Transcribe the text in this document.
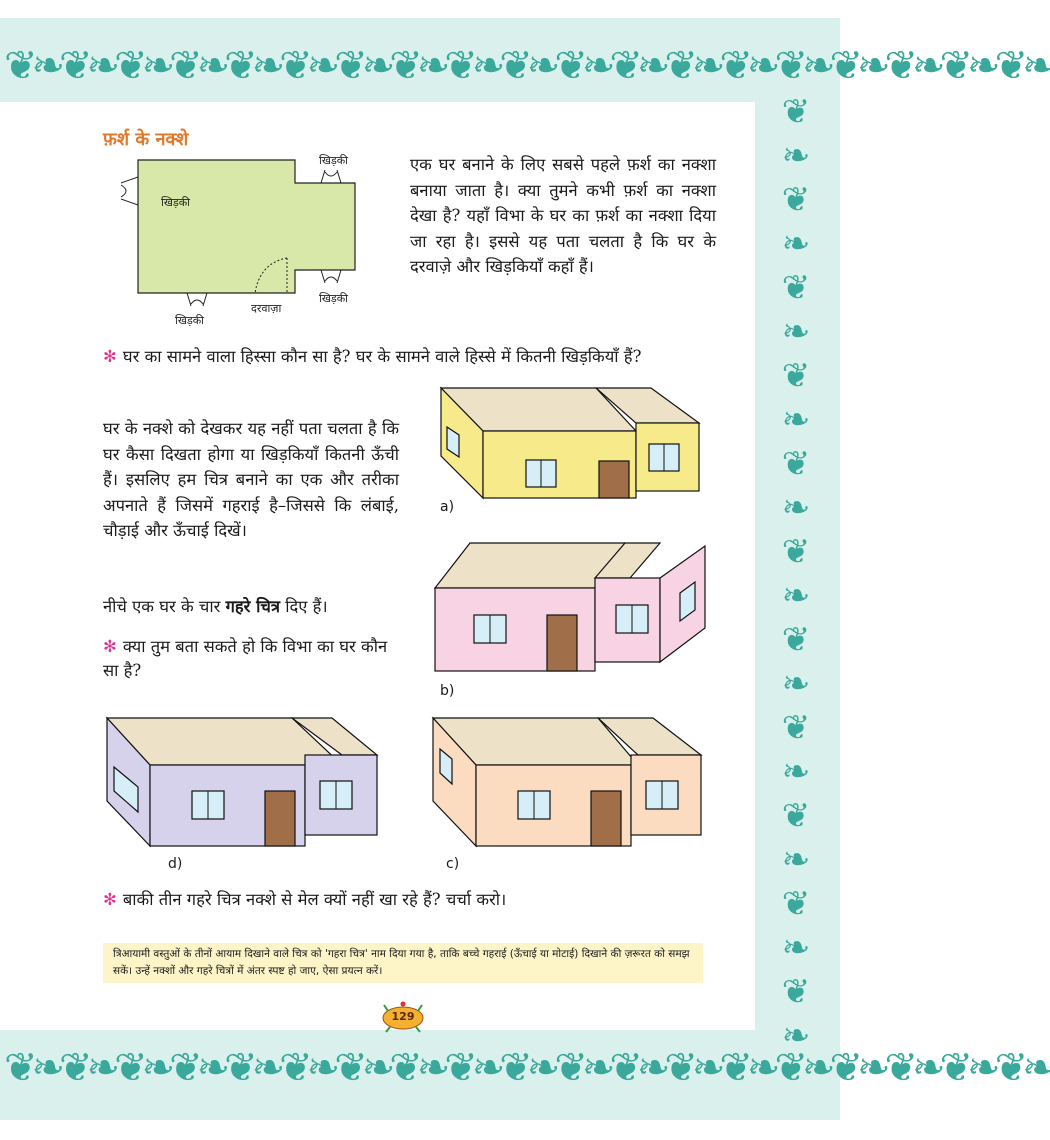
❦❧❦❧❦❧❦❧❦❧❦❧❦❧❦❧❦❧❦❧❦❧❦❧❦❧❦❧❦❧❦❧❦❧❦❧❦❧
❦❧❦❧❦❧❦❧❦❧❦❧❦❧❦❧❦❧❦❧❦❧❦❧❦❧❦❧❦❧❦❧❦❧❦❧❦❧
❦
❧
❦
❧
❦
❧
❦
❧
❦
❧
❦
❧
❦
❧
❦
❧
❦
❧
❦
❧
❦
❧
फ़र्श के नक्शे
खिड़की
खिड़की
खिड़की
खिड़की
दरवाज़ा
एक घर बनाने के लिए सबसे पहले फ़र्श का नक्शा बनाया जाता है। क्या तुमने कभी फ़र्श का नक्शा देखा है? यहाँ विभा के घर का फ़र्श का नक्शा दिया जा रहा है। इससे यह पता चलता है कि घर के दरवाज़े और खिड़कियाँ कहाँ हैं।
✻ घर का सामने वाला हिस्सा कौन सा है? घर के सामने वाले हिस्से में कितनी खिड़कियाँ हैं?
घर के नक्शे को देखकर यह नहीं पता चलता है कि घर कैसा दिखता होगा या खिड़कियाँ कितनी ऊँची हैं। इसलिए हम चित्र बनाने का एक और तरीका अपनाते हैं जिसमें गहराई है–जिससे कि लंबाई, चौड़ाई और ऊँचाई दिखें।
नीचे एक घर के चार गहरे चित्र दिए हैं।
✻ क्या तुम बता सकते हो कि विभा का घर कौन सा है?
a)
b)
d)	c)
✻ बाकी तीन गहरे चित्र नक्शे से मेल क्यों नहीं खा रहे हैं? चर्चा करो।
त्रिआयामी वस्तुओं के तीनों आयाम दिखाने वाले चित्र को 'गहरा चित्र' नाम दिया गया है, ताकि बच्चे गहराई (ऊँचाई या मोटाई) दिखाने की ज़रूरत को समझ सकें। उन्हें नक्शों और गहरे चित्रों में अंतर स्पष्ट हो जाए, ऐसा प्रयत्न करें।
129
